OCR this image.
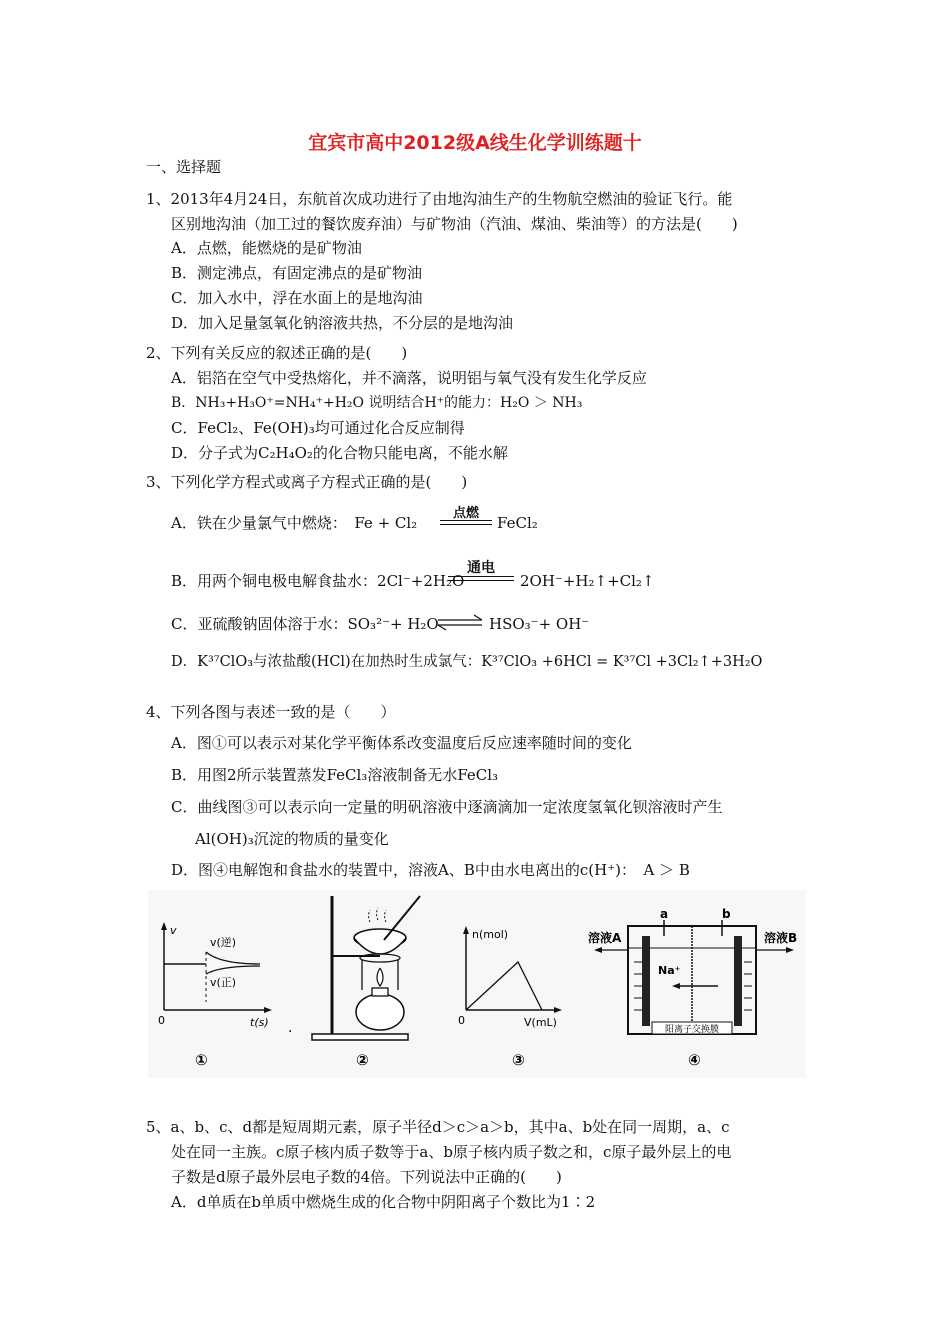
宜宾市高中2012级A线生化学训练题十
一、选择题
1、2013年4月24日，东航首次成功进行了由地沟油生产的生物航空燃油的验证飞行。能
区别地沟油（加工过的餐饮废弃油）与矿物油（汽油、煤油、柴油等）的方法是(　　)
A．点燃，能燃烧的是矿物油
B．测定沸点，有固定沸点的是矿物油
C．加入水中，浮在水面上的是地沟油
D．加入足量氢氧化钠溶液共热，不分层的是地沟油
2、下列有关反应的叙述正确的是(　　)
A．铝箔在空气中受热熔化，并不滴落，说明铝与氧气没有发生化学反应
B．NH₃+H₃O⁺=NH₄⁺+H₂O 说明结合H⁺的能力：H₂O ＞ NH₃
C．FeCl₂、Fe(OH)₃均可通过化合反应制得
D．分子式为C₂H₄O₂的化合物只能电离，不能水解
3、下列化学方程式或离子方程式正确的是(　　)
A．铁在少量氯气中燃烧：　Fe + Cl₂
点燃
FeCl₂
B．用两个铜电极电解食盐水：2Cl⁻+2H₂O
通电
2OH⁻+H₂↑+Cl₂↑
C．亚硫酸钠固体溶于水：SO₃²⁻+ H₂O ⇌ HSO₃⁻+ OH⁻
D．K³⁷ClO₃与浓盐酸(HCl)在加热时生成氯气：K³⁷ClO₃ +6HCl = K³⁷Cl +3Cl₂↑+3H₂O
4、下列各图与表述一致的是（　　）
A．图①可以表示对某化学平衡体系改变温度后反应速率随时间的变化
B．用图2所示装置蒸发FeCl₃溶液制备无水FeCl₃
C．曲线图③可以表示向一定量的明矾溶液中逐滴滴加一定浓度氢氧化钡溶液时产生
Al(OH)₃沉淀的物质的量变化
D．图④电解饱和食盐水的装置中，溶液A、B中由水电离出的c(H⁺)：　A ＞ B
v
v(逆)
v(正)
0	t(s)
①
.
②
n(mol)
0	V(mL)
③
a	b
溶液A	溶液B
Na⁺
阳离子交换膜
④
5、a、b、c、d都是短周期元素，原子半径d＞c＞a＞b，其中a、b处在同一周期，a、c
处在同一主族。c原子核内质子数等于a、b原子核内质子数之和，c原子最外层上的电
子数是d原子最外层电子数的4倍。下列说法中正确的(　　)
A．d单质在b单质中燃烧生成的化合物中阴阳离子个数比为1∶2
